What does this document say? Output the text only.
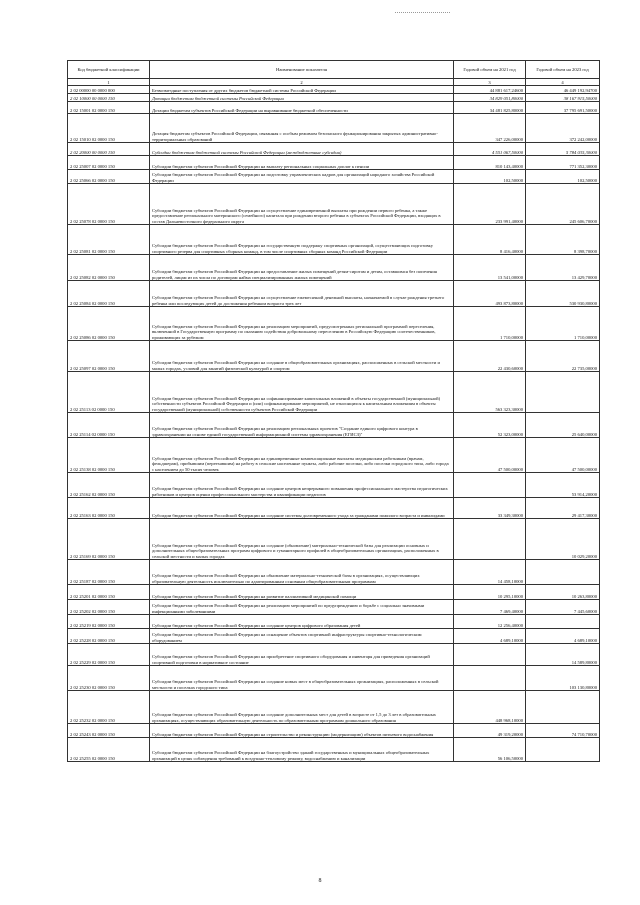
Код бюджетной классификации	Наименование показателя	Годовой объем на 2021 год	Годовой объем на 2023 год
1	2	3	4
2 02 00000 00 0000 000	Безвозмездные поступления от других бюджетов бюджетной системы Российской Федерации	44 881 617,24600	46 449 192,94700
2 02 10000 00 0000 150	Дотации бюджетам бюджетной системы Российской Федерации	34 829 051,80000	38 167 915,50000
2 02 15001 02 0000 150	Дотации бюджетам субъектов Российской Федерации на выравнивание бюджетной обеспеченности	34 481 825,80000	37 795 691,50000
2 02 15010 02 0000 150	Дотация бюджетам субъектов Российской Федерации, связанная с особым режимом безопасного функционирования закрытых административно-территориальных образований	347 226,00000	372 242,00000
2 02 20000 00 0000 150	Субсидии бюджетам бюджетной системы Российской Федерации (межбюджетные субсидии)	4 551 067,50000	5 784 035,30000
2 02 25007 02 0000 150	Субсидии бюджетам субъектов Российской Федерации на выплату региональных социальных доплат к пенсии	810 143,40000	771 352,30000
2 02 25066 02 0000 150	Субсидии бюджетам субъектов Российской Федерации на подготовку управленческих кадров для организаций народного хозяйства Российской Федерации	102,50000	102,50000
2 02 25078 02 0000 150	Субсидии бюджетам субъектов Российской Федерации на осуществление единовременной выплаты при рождении первого ребенка, а также предоставление регионального материнского (семейного) капитала при рождении второго ребенка в субъектах Российской Федерации, входящих в состав Дальневосточного федерального округа	233 991,40000	245 606,70000
2 02 25081 02 0000 150	Субсидии бюджетам субъектов Российской Федерации на государственную поддержку спортивных организаций, осуществляющих подготовку спортивного резерва для спортивных сборных команд, в том числе спортивных сборных команд Российской Федерации	8 416,40000	8 398,70000
2 02 25082 02 0000 150	Субсидии бюджетам субъектов Российской Федерации на предоставление жилых помещений детям-сиротам и детям, оставшимся без попечения родителей, лицам из их числа по договорам найма специализированных жилых помещений	13 541,00000	13 429,70000
2 02 25084 02 0000 150	Субсидии бюджетам субъектов Российской Федерации на осуществление ежемесячной денежной выплаты, назначаемой в случае рождения третьего ребенка или последующих детей до достижения ребенком возраста трех лет	493 873,80000	530 930,80000
2 02 25086 02 0000 150	Субсидии бюджетам субъектов Российской Федерации на реализацию мероприятий, предусмотренных региональной программой переселения, включенной в Государственную программу по оказанию содействия добровольному переселению в Российскую Федерацию соотечественников, проживающих за рубежом	1 710,00000	1 710,00000
2 02 25097 02 0000 150	Субсидии бюджетам субъектов Российской Федерации на создание в общеобразовательных организациях, расположенных в сельской местности и малых городах, условий для занятий физической культурой и спортом	22 430,60000	22 735,00000
2 02 25113 02 0000 150	Субсидии бюджетам субъектов Российской Федерации на софинансирование капитальных вложений в объекты государственной (муниципальной) собственности субъектов Российской Федерации и (или) софинансирование мероприятий, не относящихся к капитальным вложениям в объекты государственной (муниципальной) собственности субъектов Российской Федерации	563 323,30000	
2 02 25114 02 0000 150	Субсидии бюджетам субъектов Российской Федерации на реализацию региональных проектов "Создание единого цифрового контура в здравоохранении на основе единой государственной информационной системы здравоохранения (ЕГИСЗ)"	52 323,00000	25 640,00000
2 02 25138 02 0000 150	Субсидии бюджетам субъектов Российской Федерации на единовременные компенсационные выплаты медицинским работникам (врачам, фельдшерам), прибывшим (переехавшим) на работу в сельские населенные пункты, либо рабочие поселки, либо поселки городского типа, либо города с населением до 50 тысяч человек	47 500,00000	47 500,00000
2 02 25162 02 0000 150	Субсидии бюджетам субъектов Российской Федерации на создание центров непрерывного повышения профессионального мастерства педагогических работников и центров оценки профессионального мастерства и квалификации педагогов		53 914,20000
2 02 25163 02 0000 150	Субсидии бюджетам субъектов Российской Федерации на создание системы долговременного ухода за гражданами пожилого возраста и инвалидами	33 349,30000	29 417,30000
2 02 25169 02 0000 150	Субсидии бюджетам субъектов Российской Федерации на создание (обновление) материально-технической базы для реализации основных и дополнительных общеобразовательных программ цифрового и гуманитарного профилей в общеобразовательных организациях, расположенных в сельской местности и малых городах		10 029,20000
2 02 25187 02 0000 150	Субсидии бюджетам субъектов Российской Федерации на обновление материально-технической базы в организациях, осуществляющих образовательную деятельность исключительно по адаптированным основным общеобразовательным программам	14 458,10000	
2 02 25201 02 0000 150	Субсидии бюджетам субъектов Российской Федерации на развитие паллиативной медицинской помощи	10 295,10000	10 263,80000
2 02 25202 02 0000 150	Субсидии бюджетам субъектов Российской Федерации на реализацию мероприятий по предупреждению и борьбе с социально значимыми инфекционными заболеваниями	7 469,40000	7 445,60000
2 02 25219 02 0000 150	Субсидии бюджетам субъектов Российской Федерации на создание центров цифрового образования детей	12 256,40000	
2 02 25228 02 0000 150	Субсидии бюджетам субъектов Российской Федерации на оснащение объектов спортивной инфраструктуры спортивно-технологическим оборудованием	4 689,10000	4 689,10000
2 02 25229 02 0000 150	Субсидии бюджетам субъектов Российской Федерации на приобретение спортивного оборудования и инвентаря для приведения организаций спортивной подготовки в нормативное состояние		14 589,80000
2 02 25230 02 0000 150	Субсидии бюджетам субъектов Российской Федерации на создание новых мест в общеобразовательных организациях, расположенных в сельской местности и поселках городского типа		103 130,80000
2 02 25232 02 0000 150	Субсидии бюджетам субъектов Российской Федерации на создание дополнительных мест для детей в возрасте от 1,5 до 3 лет в образовательных организациях, осуществляющих образовательную деятельность по образовательным программам дошкольного образования	448 968,10000	
2 02 25243 02 0000 150	Субсидии бюджетам субъектов Российской Федерации на строительство и реконструкцию (модернизацию) объектов питьевого водоснабжения	49 319,20000	74 710,70000
2 02 25255 02 0000 150	Субсидии бюджетам субъектов Российской Федерации на благоустройство зданий государственных и муниципальных общеобразовательных организаций в целях соблюдения требований к воздушно-тепловому режиму, водоснабжению и канализации	56 106,50000	
8
